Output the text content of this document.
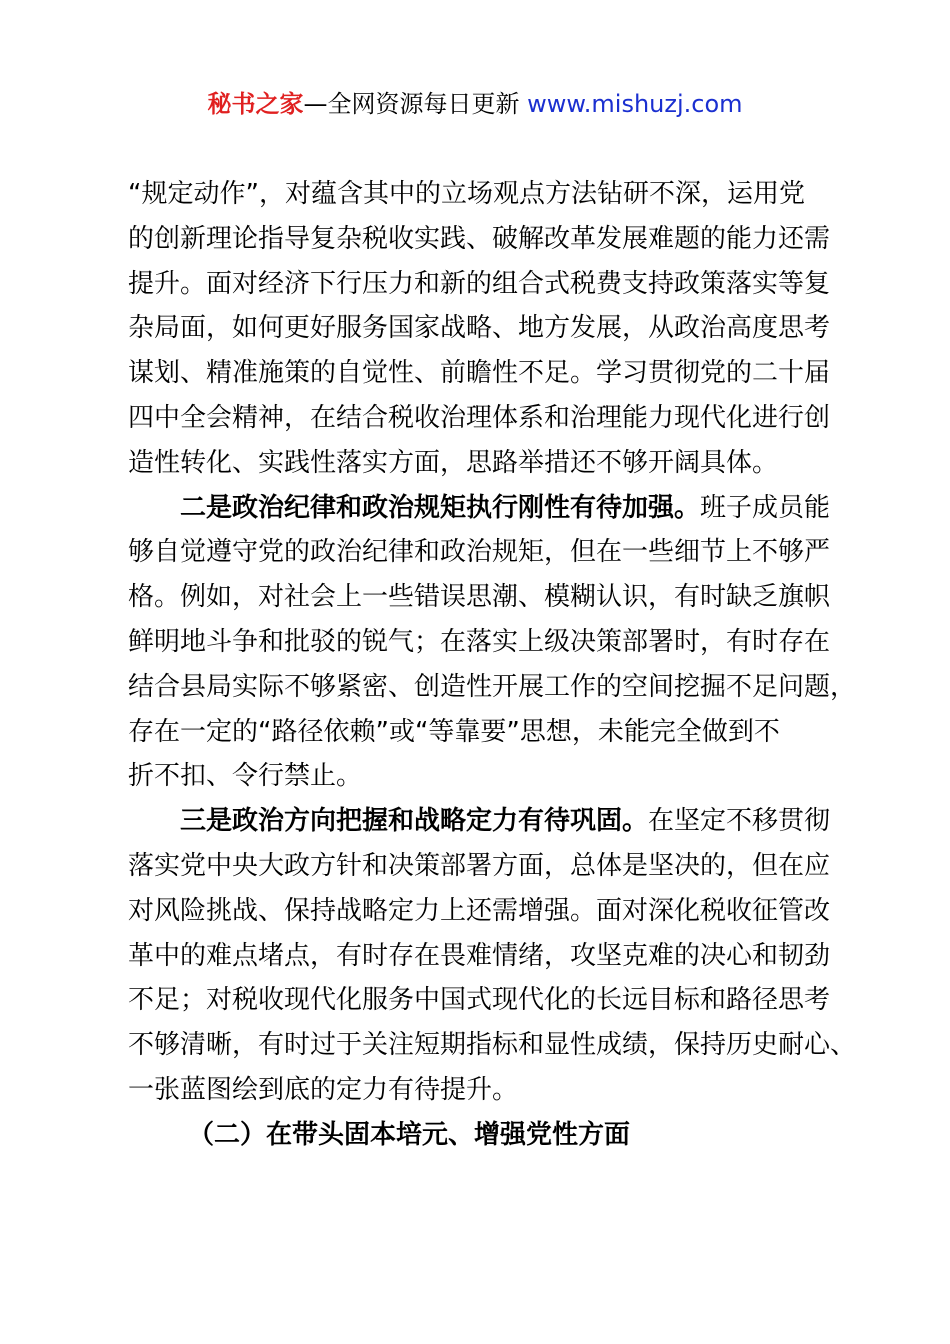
秘书之家—全网资源每日更新 www.mishuzj.com
“规定动作”，对蕴含其中的立场观点方法钻研不深，运用党
的创新理论指导复杂税收实践、破解改革发展难题的能力还需
提升。面对经济下行压力和新的组合式税费支持政策落实等复
杂局面，如何更好服务国家战略、地方发展，从政治高度思考
谋划、精准施策的自觉性、前瞻性不足。学习贯彻党的二十届
四中全会精神，在结合税收治理体系和治理能力现代化进行创
造性转化、实践性落实方面，思路举措还不够开阔具体。
二是政治纪律和政治规矩执行刚性有待加强。班子成员能
够自觉遵守党的政治纪律和政治规矩，但在一些细节上不够严
格。例如，对社会上一些错误思潮、模糊认识，有时缺乏旗帜
鲜明地斗争和批驳的锐气；在落实上级决策部署时，有时存在
结合县局实际不够紧密、创造性开展工作的空间挖掘不足问题，
存在一定的“路径依赖”或“等靠要”思想，未能完全做到不
折不扣、令行禁止。
三是政治方向把握和战略定力有待巩固。在坚定不移贯彻
落实党中央大政方针和决策部署方面，总体是坚决的，但在应
对风险挑战、保持战略定力上还需增强。面对深化税收征管改
革中的难点堵点，有时存在畏难情绪，攻坚克难的决心和韧劲
不足；对税收现代化服务中国式现代化的长远目标和路径思考
不够清晰，有时过于关注短期指标和显性成绩，保持历史耐心、
一张蓝图绘到底的定力有待提升。
（二）在带头固本培元、增强党性方面
